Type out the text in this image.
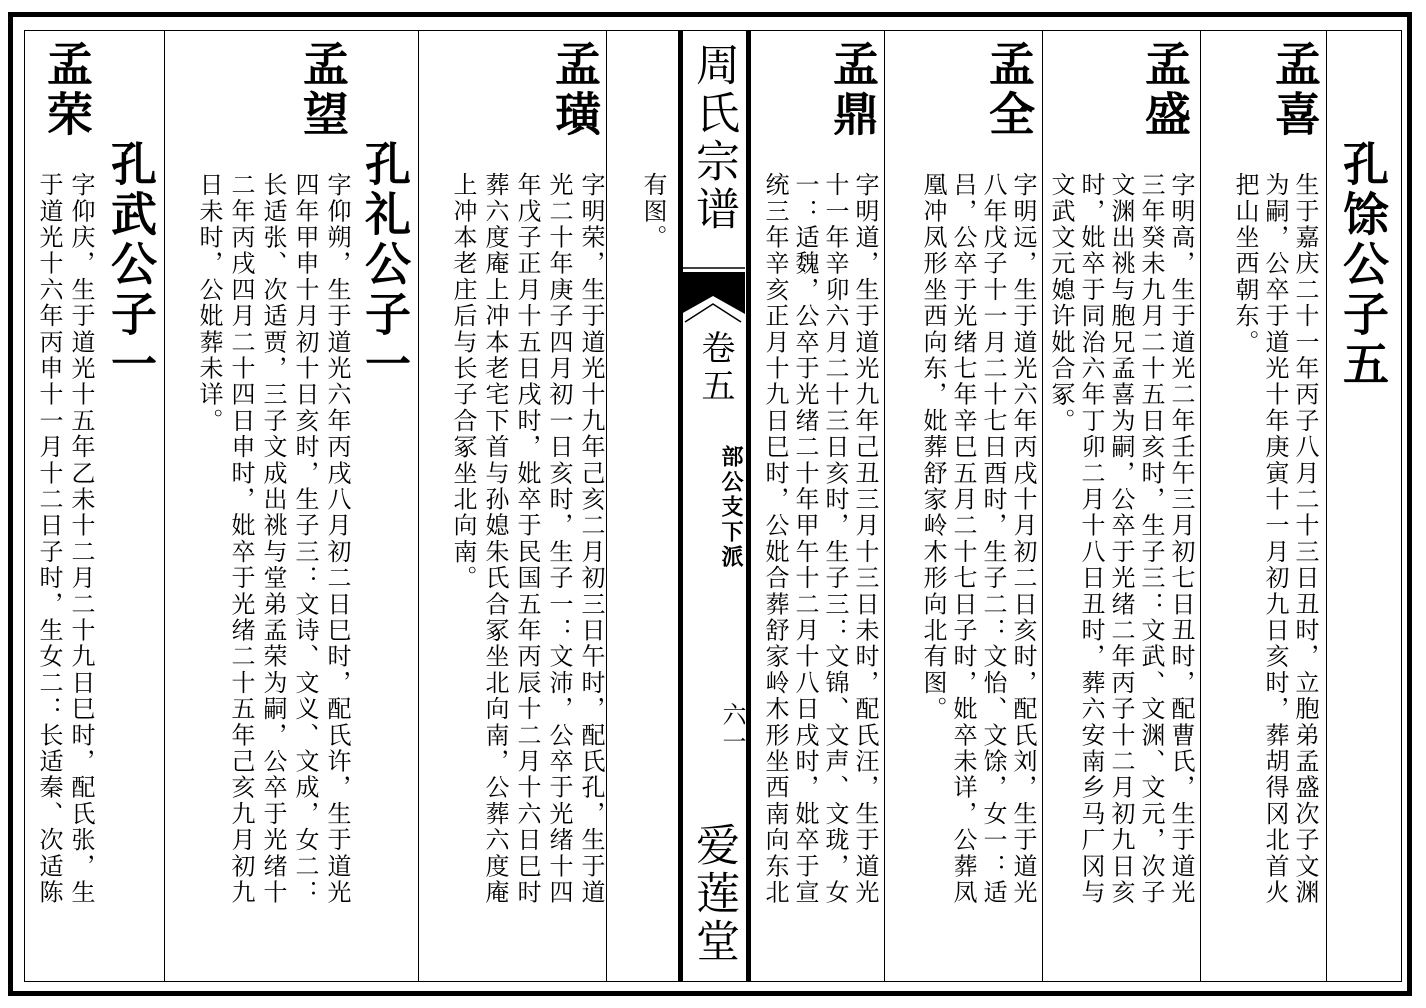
周氏宗谱
卷五
部公支下派
六一
爱莲堂
孔馀公子五
孟喜
生于嘉庆二十一年丙子八月二十三日丑时，立胞弟孟盛次子文渊
为嗣，公卒于道光十年庚寅十一月初九日亥时，葬胡得冈北首火
把山坐西朝东。
孟盛
字明高，生于道光二年壬午三月初七日丑时，配曹氏，生于道光
三年癸未九月二十五日亥时，生子三：文武、文渊、文元，次子
文渊出祧与胞兄孟喜为嗣，公卒于光绪二年丙子十二月初九日亥
时，妣卒于同治六年丁卯二月十八日丑时，葬六安南乡马厂冈与
文武文元媳许妣合冢。
孟全
字明远，生于道光六年丙戌十月初二日亥时，配氏刘，生于道光
八年戊子十一月二十七日酉时，生子二：文怡、文馀，女一：适
吕，公卒于光绪七年辛巳五月二十七日子时，妣卒未详，公葬凤
凰冲凤形坐西向东，妣葬舒家岭木形向北有图。
孟鼎
字明道，生于道光九年己丑三月十三日未时，配氏汪，生于道光
十一年辛卯六月二十三日亥时，生子三：文锦、文声、文珑，女
一：适魏，公卒于光绪二十年甲午十二月十八日戌时，妣卒于宣
统三年辛亥正月十九日巳时，公妣合葬舒家岭木形坐西南向东北
有图。
孟璜
字明荣，生于道光十九年己亥二月初三日午时，配氏孔，生于道
光二十年庚子四月初一日亥时，生子一：文沛，公卒于光绪十四
年戊子正月十五日戌时，妣卒于民国五年丙辰十二月十六日巳时
葬六度庵上冲本老宅下首与孙媳朱氏合冢坐北向南，公葬六度庵
上冲本老庄后与长子合冢坐北向南。
孔礼公子一
孟望
字仰朔，生于道光六年丙戌八月初二日巳时，配氏许，生于道光
四年甲申十月初十日亥时，生子三：文诗、文义、文成，女二：
长适张、次适贾，三子文成出祧与堂弟孟荣为嗣，公卒于光绪十
二年丙戌四月二十四日申时，妣卒于光绪二十五年己亥九月初九
日未时，公妣葬未详。
孔武公子一
孟荣
字仰庆，生于道光十五年乙未十二月二十九日巳时，配氏张，生
于道光十六年丙申十一月十二日子时，生女二：长适秦、次适陈
